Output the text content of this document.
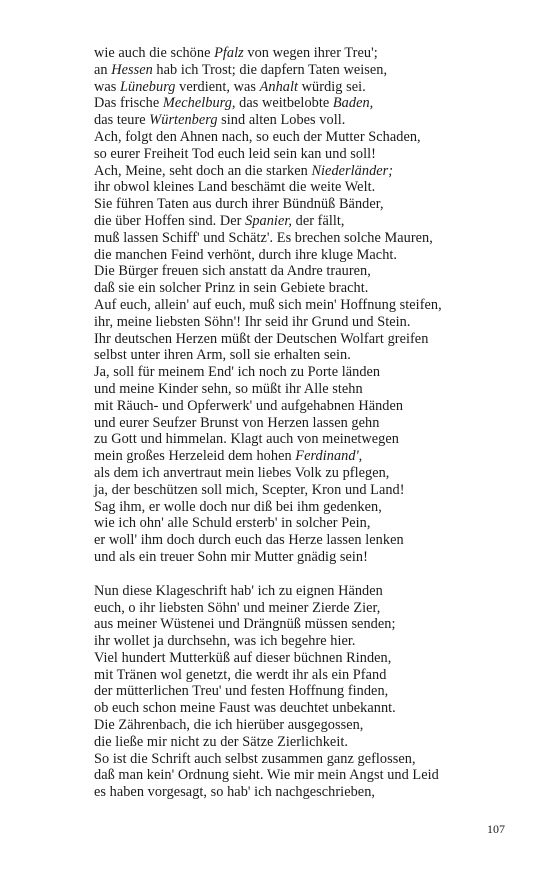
wie auch die schöne Pfalz von wegen ihrer Treu';
an Hessen hab ich Trost; die dapfern Taten weisen,
was Lüneburg verdient, was Anhalt würdig sei.
Das frische Mechelburg, das weitbelobte Baden,
das teure Würtenberg sind alten Lobes voll.
Ach, folgt den Ahnen nach, so euch der Mutter Schaden,
so eurer Freiheit Tod euch leid sein kan und soll!
Ach, Meine, seht doch an die starken Niederländer;
ihr obwol kleines Land beschämt die weite Welt.
Sie führen Taten aus durch ihrer Bündnüß Bänder,
die über Hoffen sind. Der Spanier, der fällt,
muß lassen Schiff' und Schätz'. Es brechen solche Mauren,
die manchen Feind verhönt, durch ihre kluge Macht.
Die Bürger freuen sich anstatt da Andre trauren,
daß sie ein solcher Prinz in sein Gebiete bracht.
Auf euch, allein' auf euch, muß sich mein' Hoffnung steifen,
ihr, meine liebsten Söhn'! Ihr seid ihr Grund und Stein.
Ihr deutschen Herzen müßt der Deutschen Wolfart greifen
selbst unter ihren Arm, soll sie erhalten sein.
Ja, soll für meinem End' ich noch zu Porte länden
und meine Kinder sehn, so müßt ihr Alle stehn
mit Räuch- und Opferwerk' und aufgehabnen Händen
und eurer Seufzer Brunst von Herzen lassen gehn
zu Gott und himmelan. Klagt auch von meinetwegen
mein großes Herzeleid dem hohen Ferdinand',
als dem ich anvertraut mein liebes Volk zu pflegen,
ja, der beschützen soll mich, Scepter, Kron und Land!
Sag ihm, er wolle doch nur diß bei ihm gedenken,
wie ich ohn' alle Schuld ersterb' in solcher Pein,
er woll' ihm doch durch euch das Herze lassen lenken
und als ein treuer Sohn mir Mutter gnädig sein!
Nun diese Klageschrift hab' ich zu eignen Händen
euch, o ihr liebsten Söhn' und meiner Zierde Zier,
aus meiner Wüstenei und Drängnüß müssen senden;
ihr wollet ja durchsehn, was ich begehre hier.
Viel hundert Mutterküß auf dieser büchnen Rinden,
mit Tränen wol genetzt, die werdt ihr als ein Pfand
der mütterlichen Treu' und festen Hoffnung finden,
ob euch schon meine Faust was deuchtet unbekannt.
Die Zährenbach, die ich hierüber ausgegossen,
die ließe mir nicht zu der Sätze Zierlichkeit.
So ist die Schrift auch selbst zusammen ganz geflossen,
daß man kein' Ordnung sieht. Wie mir mein Angst und Leid
es haben vorgesagt, so hab' ich nachgeschrieben,
107
